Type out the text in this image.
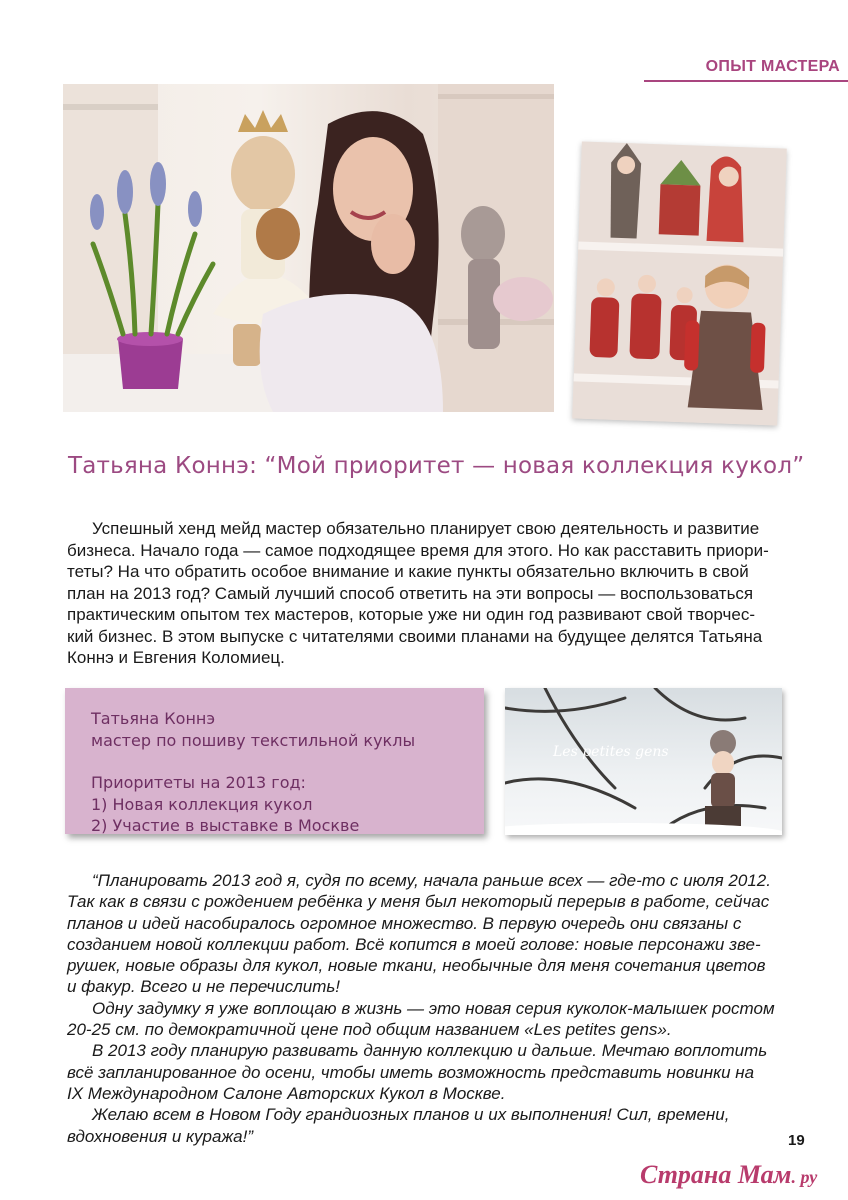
ОПЫТ МАСТЕРА
Татьяна Коннэ: “Мой приоритет — новая коллекция кукол”
Успешный хенд мейд мастер обязательно планирует свою деятельность и развитие
бизнеса. Начало года — самое подходящее время для этого. Но как расставить приори-
теты? На что обратить особое внимание и какие пункты обязательно включить в свой
план на 2013 год? Самый лучший способ ответить на эти вопросы — воспользоваться
практическим опытом тех мастеров, которые уже ни один год развивают свой творчес-
кий бизнес. В этом выпуске с читателями своими планами на будущее делятся Татьяна
Коннэ и Евгения Коломиец.
Татьяна Коннэ
мастер по пошиву текстильной куклы
Приоритеты на 2013 год:
1) Новая коллекция кукол
2) Участие в выставке в Москве
Les petites gens
“Планировать 2013 год я, судя по всему, начала раньше всех — где-то с июля 2012.
Так как в связи с рождением ребёнка у меня был некоторый перерыв в работе, сейчас
планов и идей насобиралось огромное множество. В первую очередь они связаны с
созданием новой коллекции работ. Всё копится в моей голове: новые персонажи зве-
рушек, новые образы для кукол, новые ткани, необычные для меня сочетания цветов
и факур. Всего и не перечислить!
Одну задумку я уже воплощаю в жизнь — это новая серия куколок-малышек ростом
20-25 см. по демократичной цене под общим названием «Les petites gens».
В 2013 году планирую развивать данную коллекцию и дальше. Мечтаю воплотить
всё запланированное до осени, чтобы иметь возможность представить новинки на
IX Международном Салоне Авторских Кукол в Москве.
Желаю всем в Новом Году грандиозных планов и их выполнения! Сил, времени,
вдохновения и куража!”	19
Страна Мам. ру
